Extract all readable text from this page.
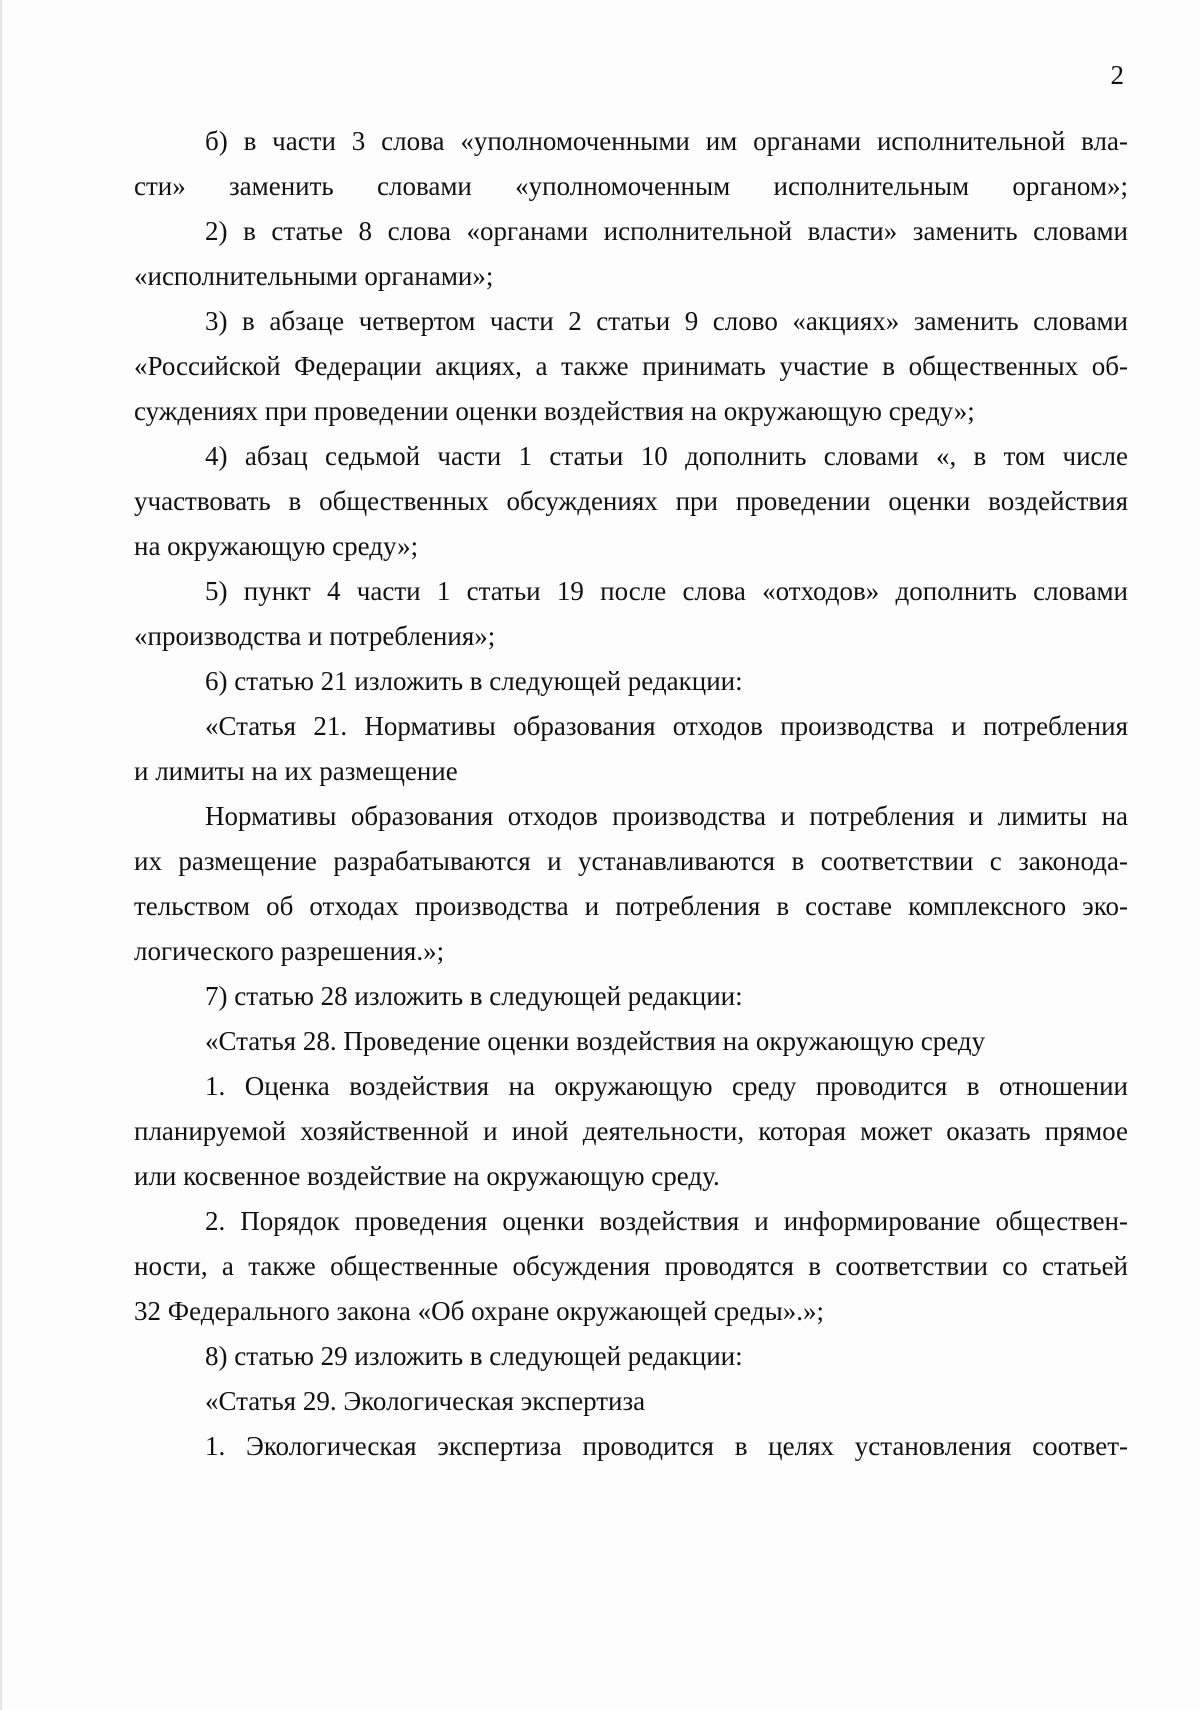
2
б) в части 3 слова «уполномоченными им органами исполнительной вла-
сти» заменить словами «уполномоченным исполнительным органом»;
2) в статье 8 слова «органами исполнительной власти» заменить словами
«исполнительными органами»;
3) в абзаце четвертом части 2 статьи 9 слово «акциях» заменить словами
«Российской Федерации акциях, а также принимать участие в общественных об-
суждениях при проведении оценки воздействия на окружающую среду»;
4) абзац седьмой части 1 статьи 10 дополнить словами «, в том числе
участвовать в общественных обсуждениях при проведении оценки воздействия
на окружающую среду»;
5) пункт 4 части 1 статьи 19 после слова «отходов» дополнить словами
«производства и потребления»;
6) статью 21 изложить в следующей редакции:
«Статья 21. Нормативы образования отходов производства и потребления
и лимиты на их размещение
Нормативы образования отходов производства и потребления и лимиты на
их размещение разрабатываются и устанавливаются в соответствии с законода-
тельством об отходах производства и потребления в составе комплексного эко-
логического разрешения.»;
7) статью 28 изложить в следующей редакции:
«Статья 28. Проведение оценки воздействия на окружающую среду
1. Оценка воздействия на окружающую среду проводится в отношении
планируемой хозяйственной и иной деятельности, которая может оказать прямое
или косвенное воздействие на окружающую среду.
2. Порядок проведения оценки воздействия и информирование обществен-
ности, а также общественные обсуждения проводятся в соответствии со статьей
32 Федерального закона «Об охране окружающей среды».»;
8) статью 29 изложить в следующей редакции:
«Статья 29. Экологическая экспертиза
1. Экологическая экспертиза проводится в целях установления соответ-
